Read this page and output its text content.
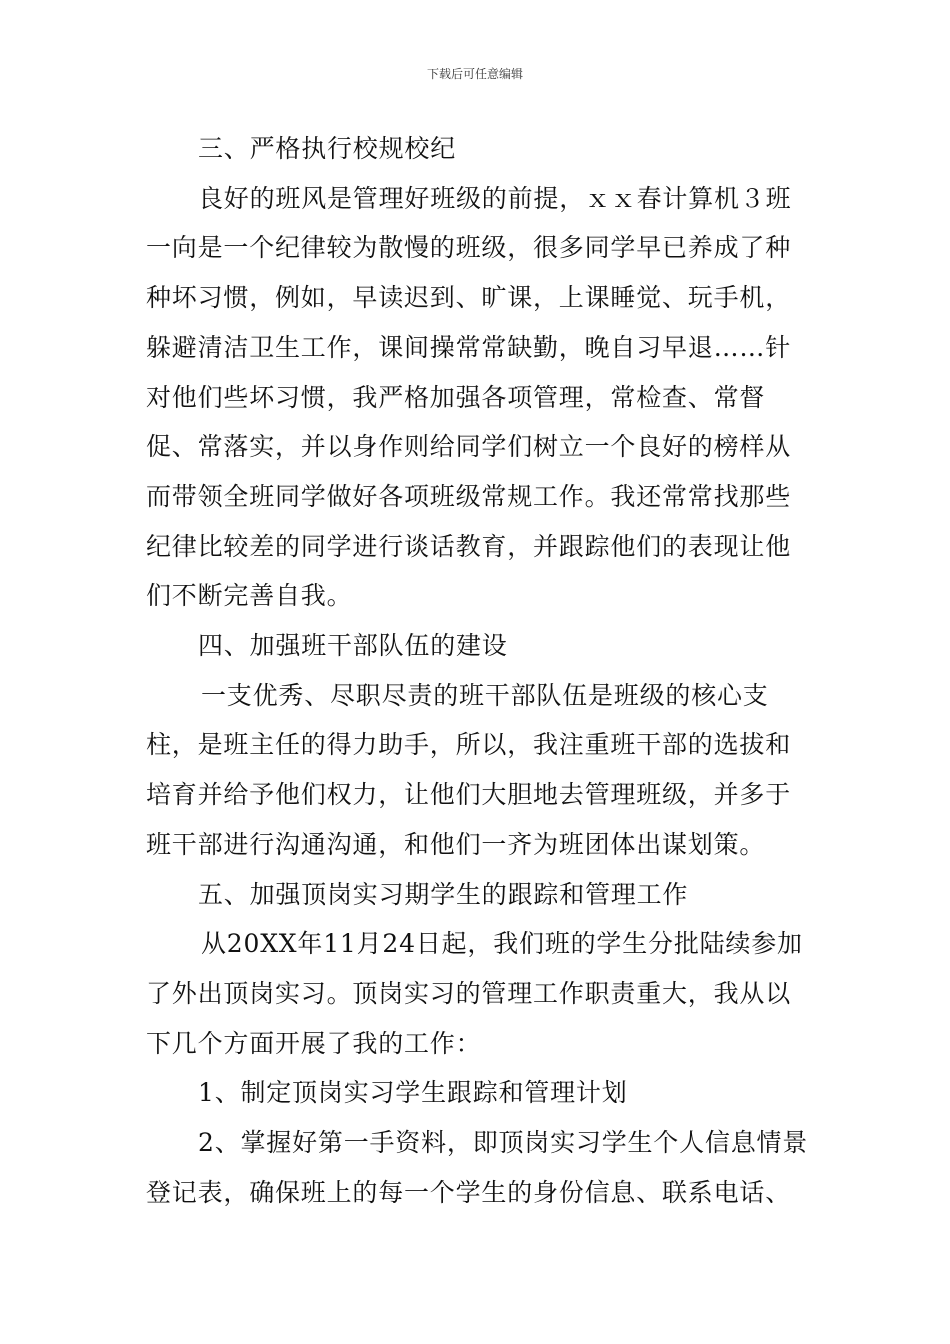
下载后可任意编辑

三、严格执行校规校纪

良好的班风是管理好班级的前提，ｘｘ春计算机３班一向是一个纪律较为散慢的班级，很多同学早已养成了种种坏习惯，例如，早读迟到、旷课，上课睡觉、玩手机，躲避清洁卫生工作，课间操常常缺勤，晚自习早退……针对他们些坏习惯，我严格加强各项管理，常检查、常督促、常落实，并以身作则给同学们树立一个良好的榜样从而带领全班同学做好各项班级常规工作。我还常常找那些纪律比较差的同学进行谈话教育，并跟踪他们的表现让他们不断完善自我。

四、加强班干部队伍的建设

一支优秀、尽职尽责的班干部队伍是班级的核心支柱，是班主任的得力助手，所以，我注重班干部的选拔和培育并给予他们权力，让他们大胆地去管理班级，并多于班干部进行沟通沟通，和他们一齐为班团体出谋划策。

五、加强顶岗实习期学生的跟踪和管理工作

从20XX年11月24日起，我们班的学生分批陆续参加了外出顶岗实习。顶岗实习的管理工作职责重大，我从以下几个方面开展了我的工作：

1、制定顶岗实习学生跟踪和管理计划

2、掌握好第一手资料，即顶岗实习学生个人信息情景登记表，确保班上的每一个学生的身份信息、联系电话、
